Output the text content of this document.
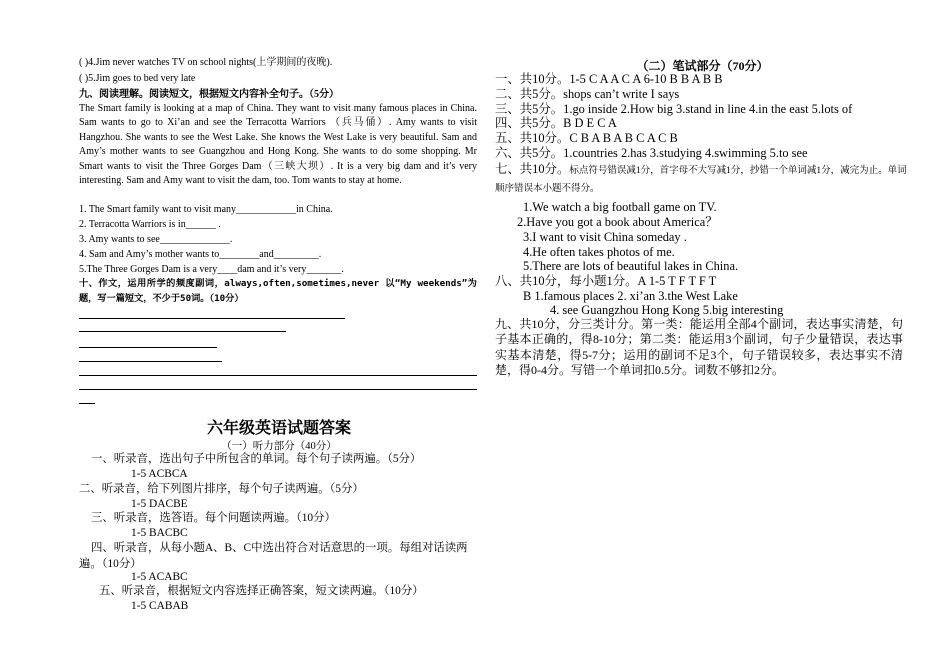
( )4.Jim never watches TV on school nights(上学期间的夜晚).
( )5.Jim goes to bed very late
九、阅读理解。阅读短文，根据短文内容补全句子。（5分）
The Smart family is looking at a map of China. They want to visit many famous places in China. Sam wants to go to Xi’an and see the Terracotta Warriors （兵马俑）. Amy wants to visit Hangzhou. She wants to see the West Lake. She knows the West Lake is very beautiful. Sam and Amy’s mother wants to see Guangzhou and Hong Kong. She wants to do some shopping. Mr Smart wants to visit the Three Gorges Dam（三峡大坝）. It is a very big dam and it’s very interesting. Sam and Amy want to visit the dam, too. Tom wants to stay at home.
1. The Smart family want to visit many____________in China.
2. Terracotta Warriors is in______ .
3. Amy wants to see______________.
4. Sam and Amy’s mother wants to________and_________.
5.The Three Gorges Dam is a very____dam and it’s very_______.
十、作文，运用所学的频度副词，always,often,sometimes,never 以“My weekends”为题，写一篇短文，不少于50词。（10分）
六年级英语试题答案
（一）听力部分（40分）
一、听录音，选出句子中所包含的单词。每个句子读两遍。（5分）
1-5 ACBCA
二、听录音，给下列图片排序，每个句子读两遍。（5分）
1-5 DACBE
三、听录音，选答语。每个问题读两遍。（10分）
1-5 BACBC
四、听录音，从每小题A、B、C中选出符合对话意思的一项。每组对话读两遍。（10分）
1-5 ACABC
五、听录音，根据短文内容选择正确答案，短文读两遍。（10分）
1-5 CABAB
（二）笔试部分（70分）
一、共10分。1-5 C A A C A 6-10 B B A B B
二、共5分。shops can’t write I says
三、共5分。1.go inside 2.How big 3.stand in line 4.in the east 5.lots of
四、共5分。B D E C A
五、共10分。C B A B A B C A C B
六、共5分。1.countries 2.has 3.studying 4.swimming 5.to see
七、共10分。标点符号错误减1分，首字母不大写减1分，抄错一个单词减1分，减完为止。单词顺序错误本小题不得分。
1.We watch a big football game on TV.
2.Have you got a book about America？
3.I want to visit China someday .
4.He often takes photos of me.
5.There are lots of beautiful lakes in China.
八、共10分，每小题1分。A 1-5 T F T F T
B 1.famous places 2. xi’an 3.the West Lake
4. see Guangzhou Hong Kong 5.big interesting
九、共10分，分三类计分。第一类：能运用全部4个副词，表达事实清楚，句子基本正确的，得8-10分；第二类：能运用3个副词，句子少量错误，表达事实基本清楚，得5-7分；运用的副词不足3个，句子错误较多，表达事实不清楚，得0-4分。写错一个单词扣0.5分。词数不够扣2分。
